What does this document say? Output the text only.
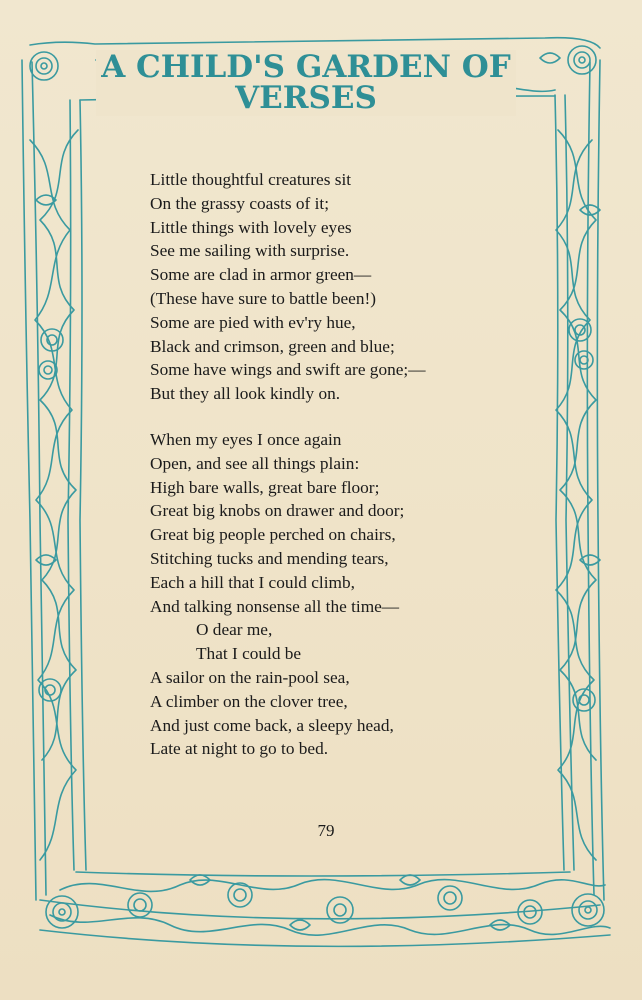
A CHILD'S GARDEN OF VERSES
Little thoughtful creatures sit
On the grassy coasts of it;
Little things with lovely eyes
See me sailing with surprise.
Some are clad in armor green—
(These have sure to battle been!)
Some are pied with ev'ry hue,
Black and crimson, green and blue;
Some have wings and swift are gone;—
But they all look kindly on.
When my eyes I once again
Open, and see all things plain:
High bare walls, great bare floor;
Great big knobs on drawer and door;
Great big people perched on chairs,
Stitching tucks and mending tears,
Each a hill that I could climb,
And talking nonsense all the time—
O dear me,
That I could be
A sailor on the rain-pool sea,
A climber on the clover tree,
And just come back, a sleepy head,
Late at night to go to bed.
79
